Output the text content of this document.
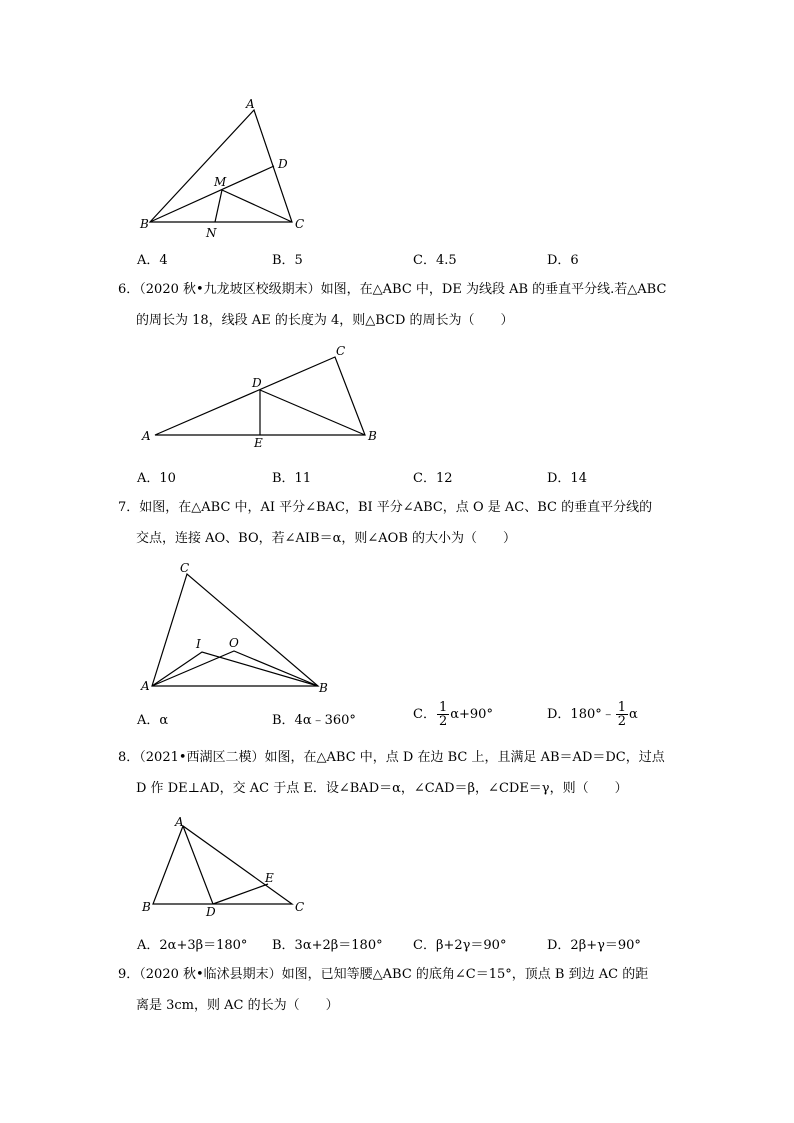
A
B	C
D
M
N
A．4	B．5	C．4.5	D．6
6．（2020 秋•九龙坡区校级期末）如图，在△ABC 中，DE 为线段 AB 的垂直平分线.若△ABC
的周长为 18，线段 AE 的长度为 4，则△BCD 的周长为（　　）
A	B
C
D
E
A．10	B．11	C．12	D．14
7．如图，在△ABC 中，AI 平分∠BAC，BI 平分∠ABC，点 O 是 AC、BC 的垂直平分线的
交点，连接 AO、BO，若∠AIB＝α，则∠AOB 的大小为（　　）
A	B
C
I O
A．α	B．4α﹣360°	C． $\frac{1}{2} \alpha+90^\circ$	D．180°﹣ $\frac{1}{2}$ α
8．（2021•西湖区二模）如图，在△ABC 中，点 D 在边 BC 上，且满足 AB＝AD＝DC，过点
D 作 DE⊥AD，交 AC 于点 E．设∠BAD＝α，∠CAD＝β，∠CDE＝γ，则（　　）
A
B	C
D
E
A．2α+3β＝180° B．3α+2β＝180° C．β+2γ＝90°	D．2β+γ＝90°
9．（2020 秋•临沭县期末）如图，已知等腰△ABC 的底角∠C＝15°，顶点 B 到边 AC 的距
离是 3cm，则 AC 的长为（　　）
